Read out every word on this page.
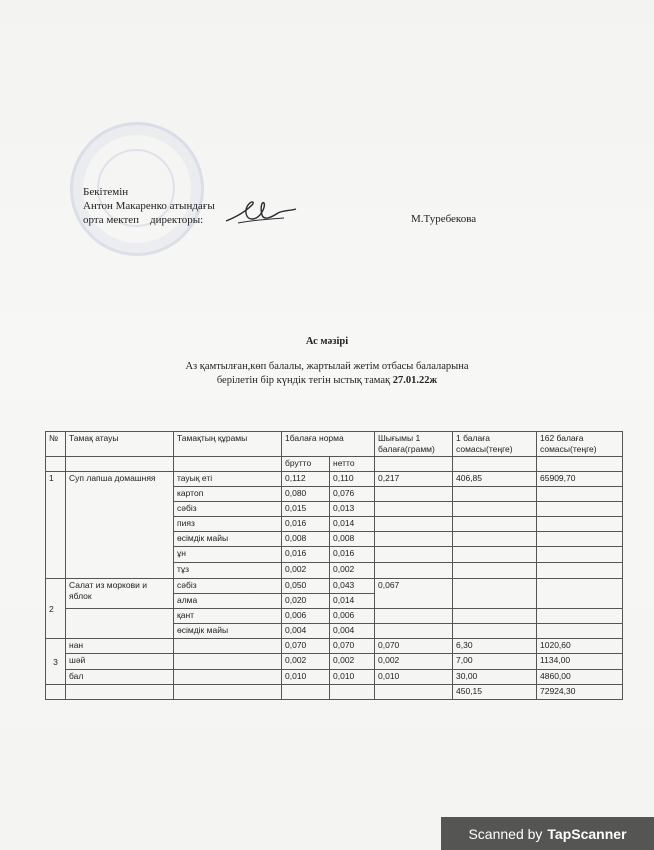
Бекітемін
Антон Макаренко атындағы
орта мектеп    директоры:	М.Туребекова
Ас мәзірі
Аз қамтылған,көп балалы, жартылай жетім отбасы балаларына
берілетін бір күндік тегін ыстық тамақ 27.01.22ж
№	Тамақ атауы	Тамақтың құрамы	1балаға норма		Шығымы 1 балаға(грамм)	1 балаға сомасы(теңге)	162 балаға сомасы(теңге)
			брутто	нетто			
1	Суп лапша домашняя	тауық еті	0,112	0,110	0,217	406,85	65909,70
		картоп	0,080	0,076			
		сәбіз	0,015	0,013			
		пияз	0,016	0,014			
		өсімдік майы	0,008	0,008			
		ұн	0,016	0,016			
		тұз	0,002	0,002			
2	Салат из моркови и яблок	сәбіз	0,050	0,043	0,067		
		алма	0,020	0,014			
		қант	0,006	0,006			
		өсімдік майы	0,004	0,004			
3	нан		0,070	0,070	0,070	6,30	1020,60
	шәй		0,002	0,002	0,002	7,00	1134,00
	бал		0,010	0,010	0,010	30,00	4860,00
						450,15	72924,30
Scanned by TapScanner
